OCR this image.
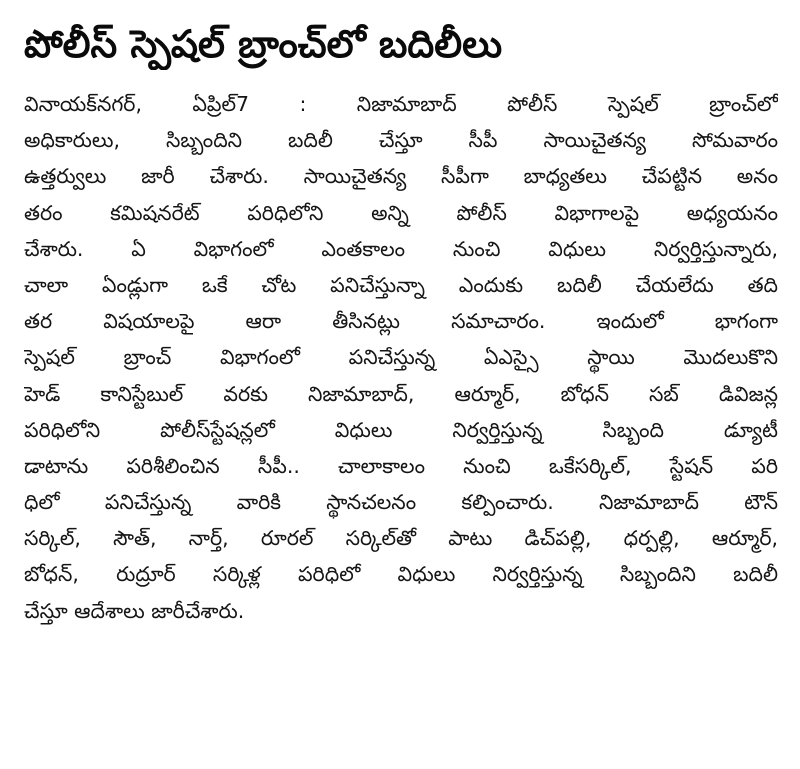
పోలీస్ స్పెషల్ బ్రాంచ్‌లో బదిలీలు
వినాయక్‌నగర్, ఏప్రిల్7 : నిజామాబాద్ పోలీస్ స్పెషల్ బ్రాంచ్‌లో
అధికారులు, సిబ్బందిని బదిలీ చేస్తూ సీపీ సాయిచైతన్య సోమవారం
ఉత్తర్వులు జారీ చేశారు. సాయిచైతన్య సీపీగా బాధ్యతలు చేపట్టిన అనం
తరం కమిషనరేట్ పరిధిలోని అన్ని పోలీస్ విభాగాలపై అధ్యయనం
చేశారు. ఏ విభాగంలో ఎంతకాలం నుంచి విధులు నిర్వర్తిస్తున్నారు,
చాలా ఏండ్లుగా ఒకే చోట పనిచేస్తున్నా ఎందుకు బదిలీ చేయలేదు తది
తర విషయాలపై ఆరా తీసినట్లు సమాచారం. ఇందులో భాగంగా
స్పెషల్ బ్రాంచ్ విభాగంలో పనిచేస్తున్న ఏఎస్సై స్థాయి మొదలుకొని
హెడ్ కానిస్టేబుల్ వరకు నిజామాబాద్, ఆర్మూర్, బోధన్ సబ్ డివిజన్ల
పరిధిలోని పోలీస్‌స్టేషన్లలో విధులు నిర్వర్తిస్తున్న సిబ్బంది డ్యూటీ
డాటాను పరిశీలించిన సీపీ.. చాలాకాలం నుంచి ఒకేసర్కిల్, స్టేషన్ పరి
ధిలో పనిచేస్తున్న వారికి స్థానచలనం కల్పించారు. నిజామాబాద్ టౌన్
సర్కిల్, సౌత్, నార్త్, రూరల్ సర్కిల్‌తో పాటు డిచ్‌పల్లి, ధర్పల్లి, ఆర్మూర్,
బోధన్, రుద్రూర్ సర్కిళ్ల పరిధిలో విధులు నిర్వర్తిస్తున్న సిబ్బందిని బదిలీ
చేస్తూ ఆదేశాలు జారీచేశారు.
